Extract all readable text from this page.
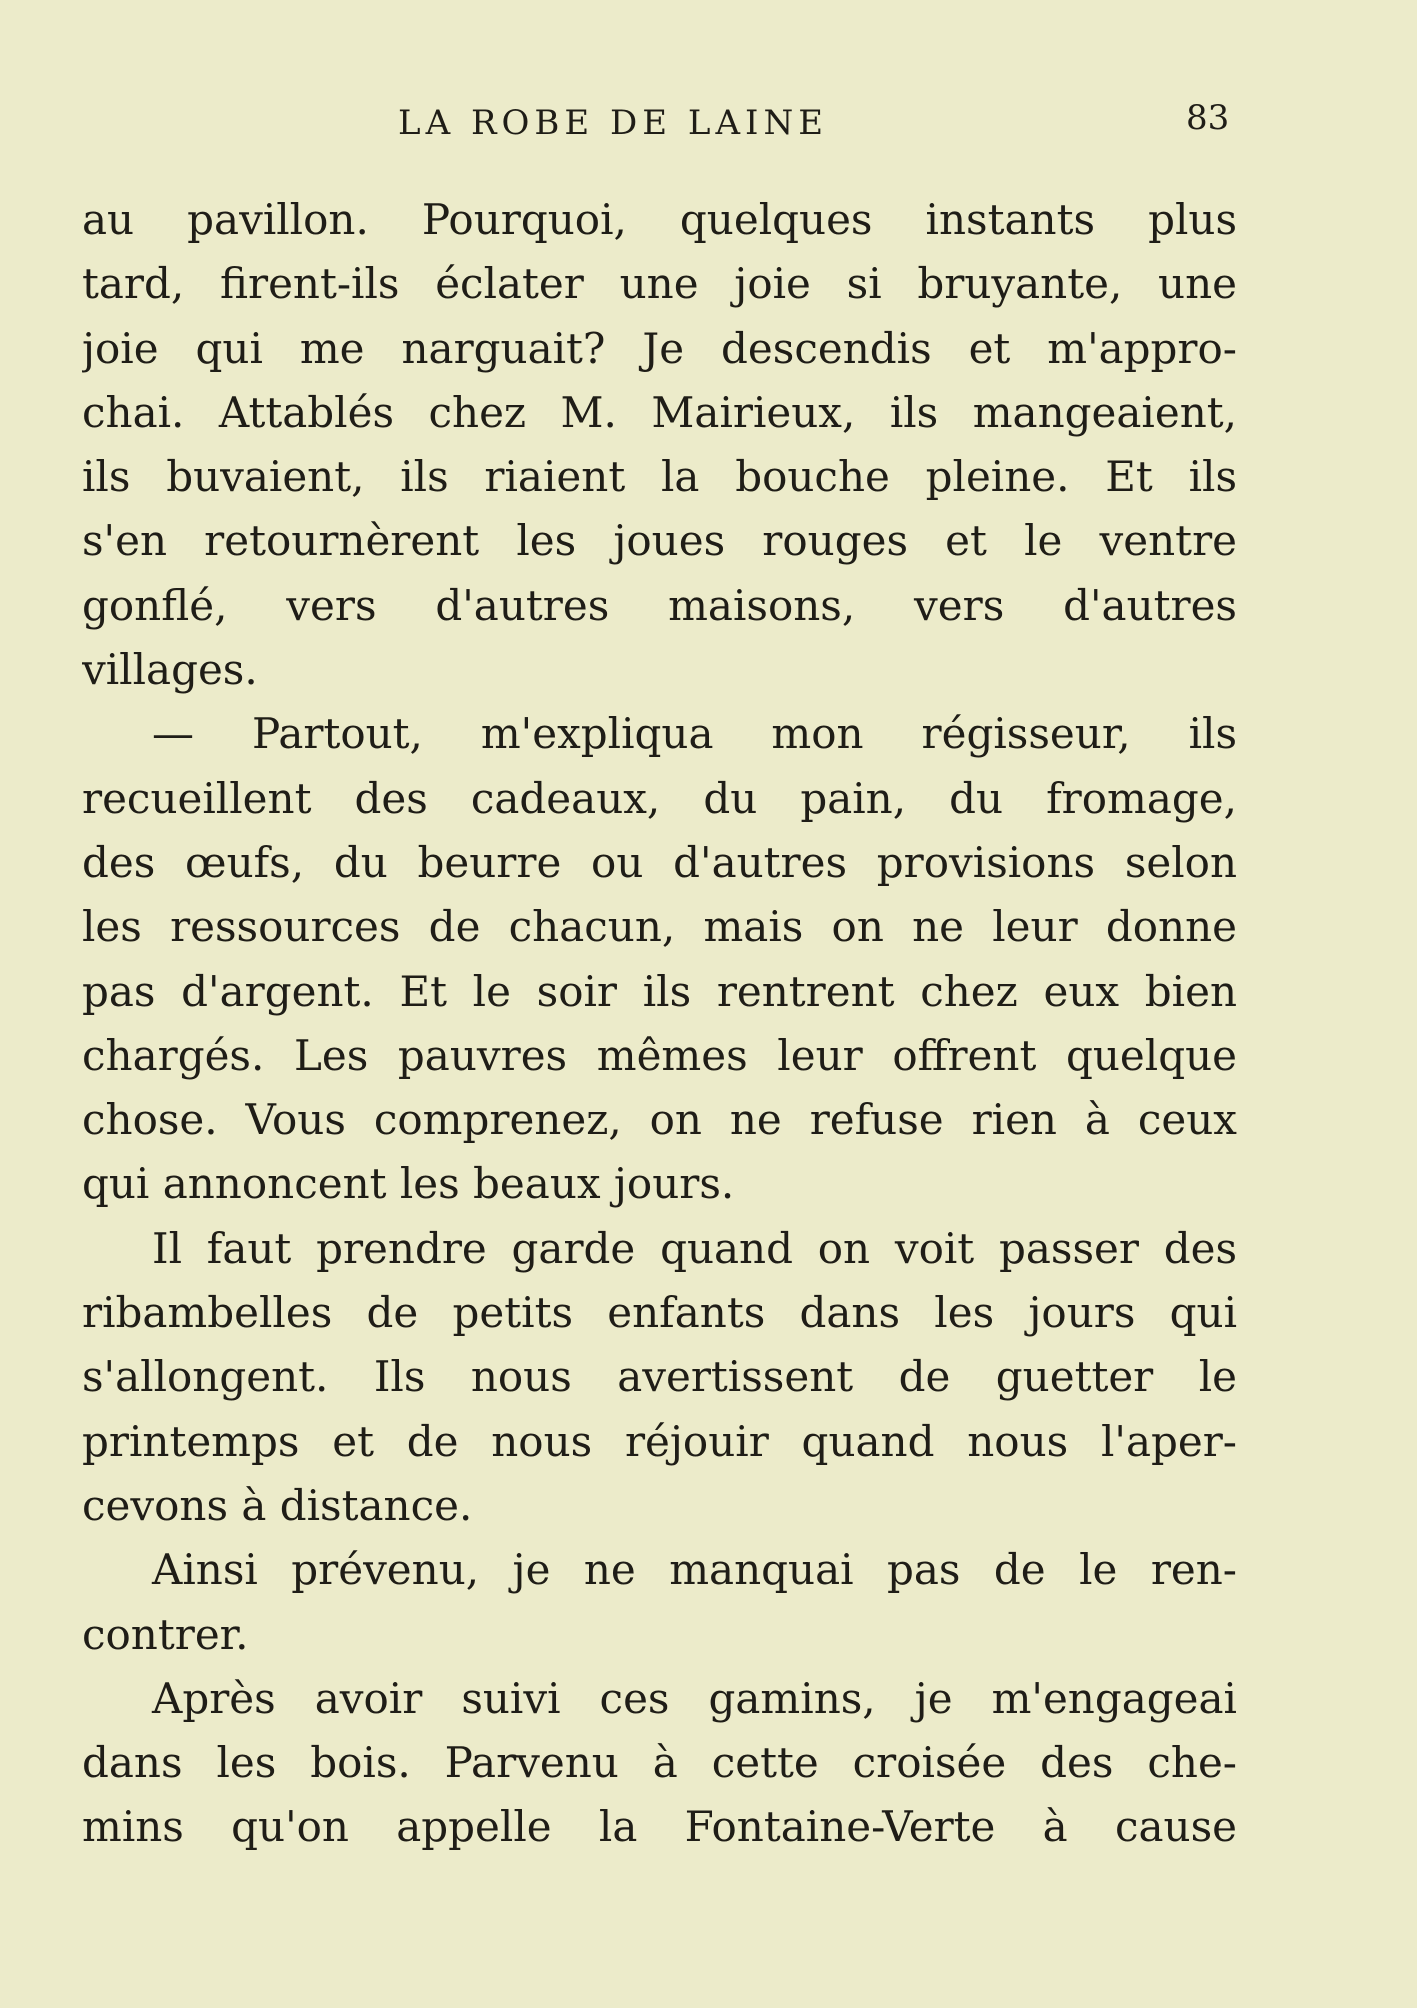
LA ROBE DE LAINE	83
au pavillon. Pourquoi, quelques instants plus
tard, firent-ils éclater une joie si bruyante, une
joie qui me narguait? Je descendis et m'appro-
chai. Attablés chez M. Mairieux, ils mangeaient,
ils buvaient, ils riaient la bouche pleine. Et ils
s'en retournèrent les joues rouges et le ventre
gonflé, vers d'autres maisons, vers d'autres
villages.
— Partout, m'expliqua mon régisseur, ils
recueillent des cadeaux, du pain, du fromage,
des œufs, du beurre ou d'autres provisions selon
les ressources de chacun, mais on ne leur donne
pas d'argent. Et le soir ils rentrent chez eux bien
chargés. Les pauvres mêmes leur offrent quelque
chose. Vous comprenez, on ne refuse rien à ceux
qui annoncent les beaux jours.
Il faut prendre garde quand on voit passer des
ribambelles de petits enfants dans les jours qui
s'allongent. Ils nous avertissent de guetter le
printemps et de nous réjouir quand nous l'aper-
cevons à distance.
Ainsi prévenu, je ne manquai pas de le ren-
contrer.
Après avoir suivi ces gamins, je m'engageai
dans les bois. Parvenu à cette croisée des che-
mins qu'on appelle la Fontaine-Verte à cause
